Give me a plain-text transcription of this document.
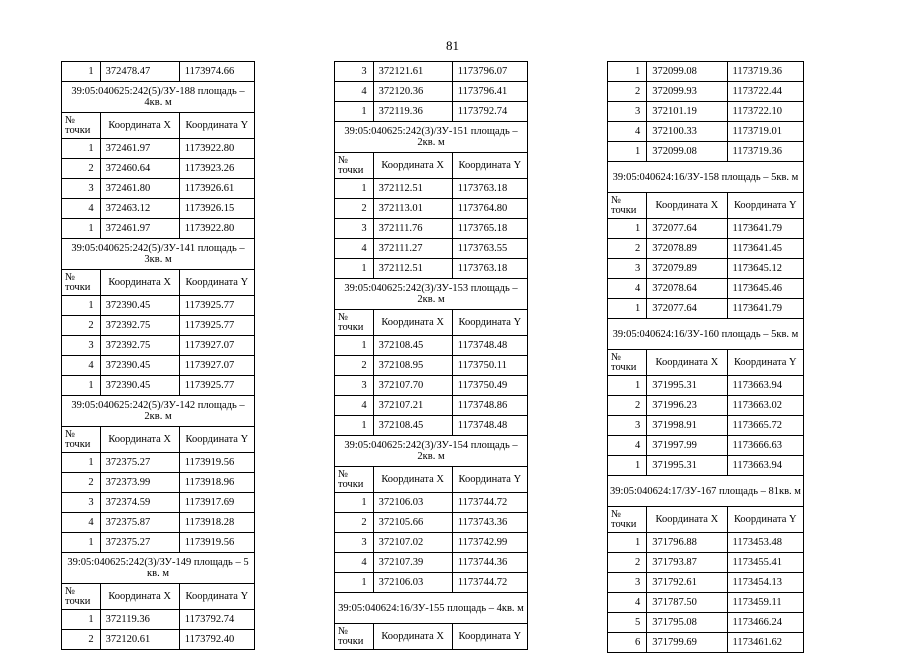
81
1	372478.47	1173974.66
39:05:040625:242(5)/ЗУ-188 площадь – 4кв. м		
№ точки	Координата X	Координата Y
1	372461.97	1173922.80
2	372460.64	1173923.26
3	372461.80	1173926.61
4	372463.12	1173926.15
1	372461.97	1173922.80
39:05:040625:242(5)/ЗУ-141 площадь – 3кв. м		
№ точки	Координата X	Координата Y
1	372390.45	1173925.77
2	372392.75	1173925.77
3	372392.75	1173927.07
4	372390.45	1173927.07
1	372390.45	1173925.77
39:05:040625:242(5)/ЗУ-142 площадь – 2кв. м		
№ точки	Координата X	Координата Y
1	372375.27	1173919.56
2	372373.99	1173918.96
3	372374.59	1173917.69
4	372375.87	1173918.28
1	372375.27	1173919.56
39:05:040625:242(3)/ЗУ-149 площадь – 5 кв. м		
№ точки	Координата X	Координата Y
1	372119.36	1173792.74
2	372120.61	1173792.40
3	372121.61	1173796.07
4	372120.36	1173796.41
1	372119.36	1173792.74
39:05:040625:242(3)/ЗУ-151 площадь – 2кв. м		
№ точки	Координата X	Координата Y
1	372112.51	1173763.18
2	372113.01	1173764.80
3	372111.76	1173765.18
4	372111.27	1173763.55
1	372112.51	1173763.18
39:05:040625:242(3)/ЗУ-153 площадь – 2кв. м		
№ точки	Координата X	Координата Y
1	372108.45	1173748.48
2	372108.95	1173750.11
3	372107.70	1173750.49
4	372107.21	1173748.86
1	372108.45	1173748.48
39:05:040625:242(3)/ЗУ-154 площадь – 2кв. м		
№ точки	Координата X	Координата Y
1	372106.03	1173744.72
2	372105.66	1173743.36
3	372107.02	1173742.99
4	372107.39	1173744.36
1	372106.03	1173744.72
39:05:040624:16/ЗУ-155 площадь – 4кв. м		
№ точки	Координата X	Координата Y
1	372099.08	1173719.36
2	372099.93	1173722.44
3	372101.19	1173722.10
4	372100.33	1173719.01
1	372099.08	1173719.36
39:05:040624:16/ЗУ-158 площадь – 5кв. м		
№ точки	Координата X	Координата Y
1	372077.64	1173641.79
2	372078.89	1173641.45
3	372079.89	1173645.12
4	372078.64	1173645.46
1	372077.64	1173641.79
39:05:040624:16/ЗУ-160 площадь – 5кв. м		
№ точки	Координата X	Координата Y
1	371995.31	1173663.94
2	371996.23	1173663.02
3	371998.91	1173665.72
4	371997.99	1173666.63
1	371995.31	1173663.94
39:05:040624:17/ЗУ-167 площадь – 81кв. м		
№ точки	Координата X	Координата Y
1	371796.88	1173453.48
2	371793.87	1173455.41
3	371792.61	1173454.13
4	371787.50	1173459.11
5	371795.08	1173466.24
6	371799.69	1173461.62
